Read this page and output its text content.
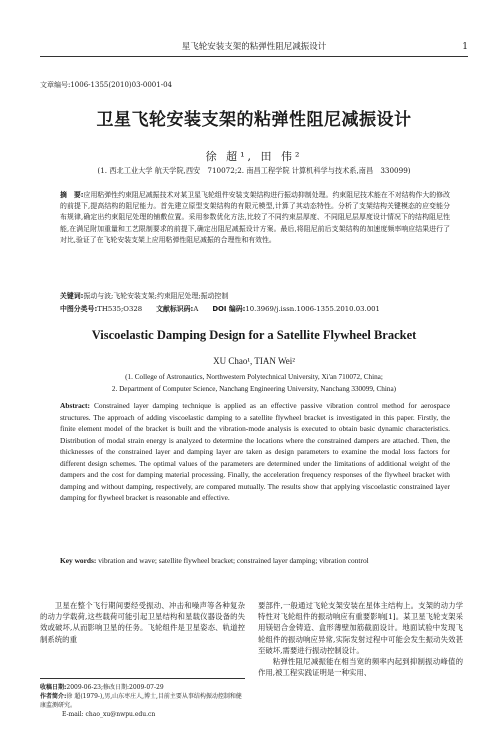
星飞轮安装支架的粘弹性阻尼减振设计	1
文章编号:1006-1355(2010)03-0001-04
卫星飞轮安装支架的粘弹性阻尼减振设计
徐 超¹, 田 伟²
(1. 西北工业大学 航天学院,西安　710072;2. 南昌工程学院 计算机科学与技术系,南昌　330099)
摘　要:应用粘弹性约束阻尼减振技术对某卫星飞轮组件安装支架结构进行振动抑制处理。约束阻尼技术能在不对结构作大的修改的前提下,提高结构的阻尼能力。首先建立原型支架结构的有限元模型,计算了其动态特性。分析了支架结构关键模态的应变能分布规律,确定出约束阻尼处理的铺敷位置。采用参数优化方法,比较了不同约束层厚度、不同阻尼层厚度设计情况下的结构阻尼性能,在满足附加重量和工艺限制要求的前提下,确定出阻尼减振设计方案。最后,将阻尼前后支架结构的加速度频率响应结果进行了对比,验证了在飞轮安装支架上应用粘弹性阻尼减振的合理性和有效性。
关键词:振动与波;飞轮安装支架;约束阻尼处理;振动控制
中图分类号:TH535;O328 文献标识码:A DOI 编码:10.3969/j.issn.1006-1355.2010.03.001
Viscoelastic Damping Design for a Satellite Flywheel Bracket
XU Chao¹, TIAN Wei²
(1. College of Astronautics, Northwestern Polytechnical University, Xi'an 710072, China;
2. Department of Computer Science, Nanchang Engineering University, Nanchang 330099, China)
Abstract: Constrained layer damping technique is applied as an effective passive vibration control method for aerospace structures. The approach of adding viscoelastic damping to a satellite flywheel bracket is investigated in this paper. Firstly, the finite element model of the bracket is built and the vibration-mode analysis is executed to obtain basic dynamic characteristics. Distribution of modal strain energy is analyzed to determine the locations where the constrained dampers are attached. Then, the thicknesses of the constrained layer and damping layer are taken as design parameters to examine the modal loss factors for different design schemes. The optimal values of the parameters are determined under the limitations of additional weight of the dampers and the cost for damping material processing. Finally, the acceleration frequency responses of the flywheel bracket with damping and without damping, respectively, are compared mutually. The results show that applying viscoelastic constrained layer damping for flywheel bracket is reasonable and effective.
Key words: vibration and wave; satellite flywheel bracket; constrained layer damping; vibration control

卫星在整个飞行期间要经受振动、冲击和噪声等各种复杂的动力学载荷,这些载荷可能引起卫星结构和星载仪器设备的失效或破坏,从而影响卫星的任务。飞轮组件是卫星姿态、轨道控制系统的重

要部件,一般通过飞轮支架安装在星体主结构上。支架的动力学特性对飞轮组件的振动响应有重要影响[1]。某卫星飞轮支架采用镁铝合金铸造、盒形薄壁加筋截面设计。地面试验中发现飞轮组件的振动响应异常,实际发射过程中可能会发生振动失效甚至破坏,需要进行振动控制设计。

粘弹性阻尼减振能在相当宽的频率内起到抑制振动峰值的作用,被工程实践证明是一种实用、

收稿日期:2009-06-23;修改日期:2009-07-29
作者简介:徐 超(1979-),男,山东枣庄人,博士,目前主要从事结构振动控制和健康监测研究。
E-mail: chao_xu@nwpu.edu.cn
